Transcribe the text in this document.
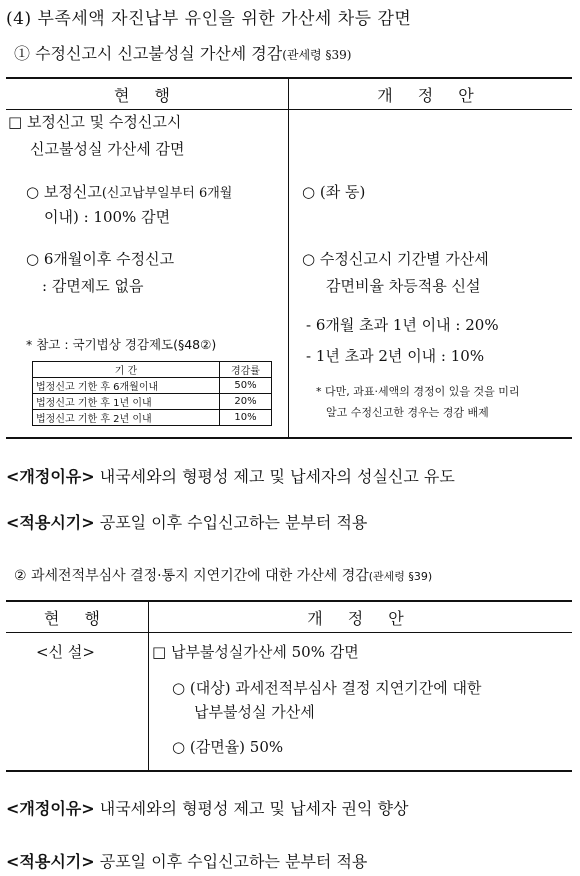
(4) 부족세액 자진납부 유인을 위한 가산세 차등 감면
① 수정신고시 신고불성실 가산세 경감(관세령 §39)
현 행	개 정 안
□ 보정신고 및 수정신고시
신고불성실 가산세 감면
○ 보정신고(신고납부일부터 6개월
이내) : 100% 감면
○ 6개월이후 수정신고
: 감면제도 없음
* 참고 : 국기법상 경감제도(§48②)
기 간	경감률
법정신고 기한 후 6개월이내	50%
법정신고 기한 후 1년 이내	20%
법정신고 기한 후 2년 이내	10%
○ (좌 동)
○ 수정신고시 기간별 가산세
감면비율 차등적용 신설
- 6개월 초과 1년 이내 : 20%
- 1년 초과 2년 이내 : 10%
* 다만, 과표·세액의 경정이 있을 것을 미리
알고 수정신고한 경우는 경감 배제
<개정이유> 내국세와의 형평성 제고 및 납세자의 성실신고 유도
<적용시기> 공포일 이후 수입신고하는 분부터 적용
② 과세전적부심사 결정·통지 지연기간에 대한 가산세 경감(관세령 §39)
현 행	개 정 안
<신 설>	□ 납부불성실가산세 50% 감면
○ (대상) 과세전적부심사 결정 지연기간에 대한
납부불성실 가산세
○ (감면율) 50%
<개정이유> 내국세와의 형평성 제고 및 납세자 권익 향상
<적용시기> 공포일 이후 수입신고하는 분부터 적용
